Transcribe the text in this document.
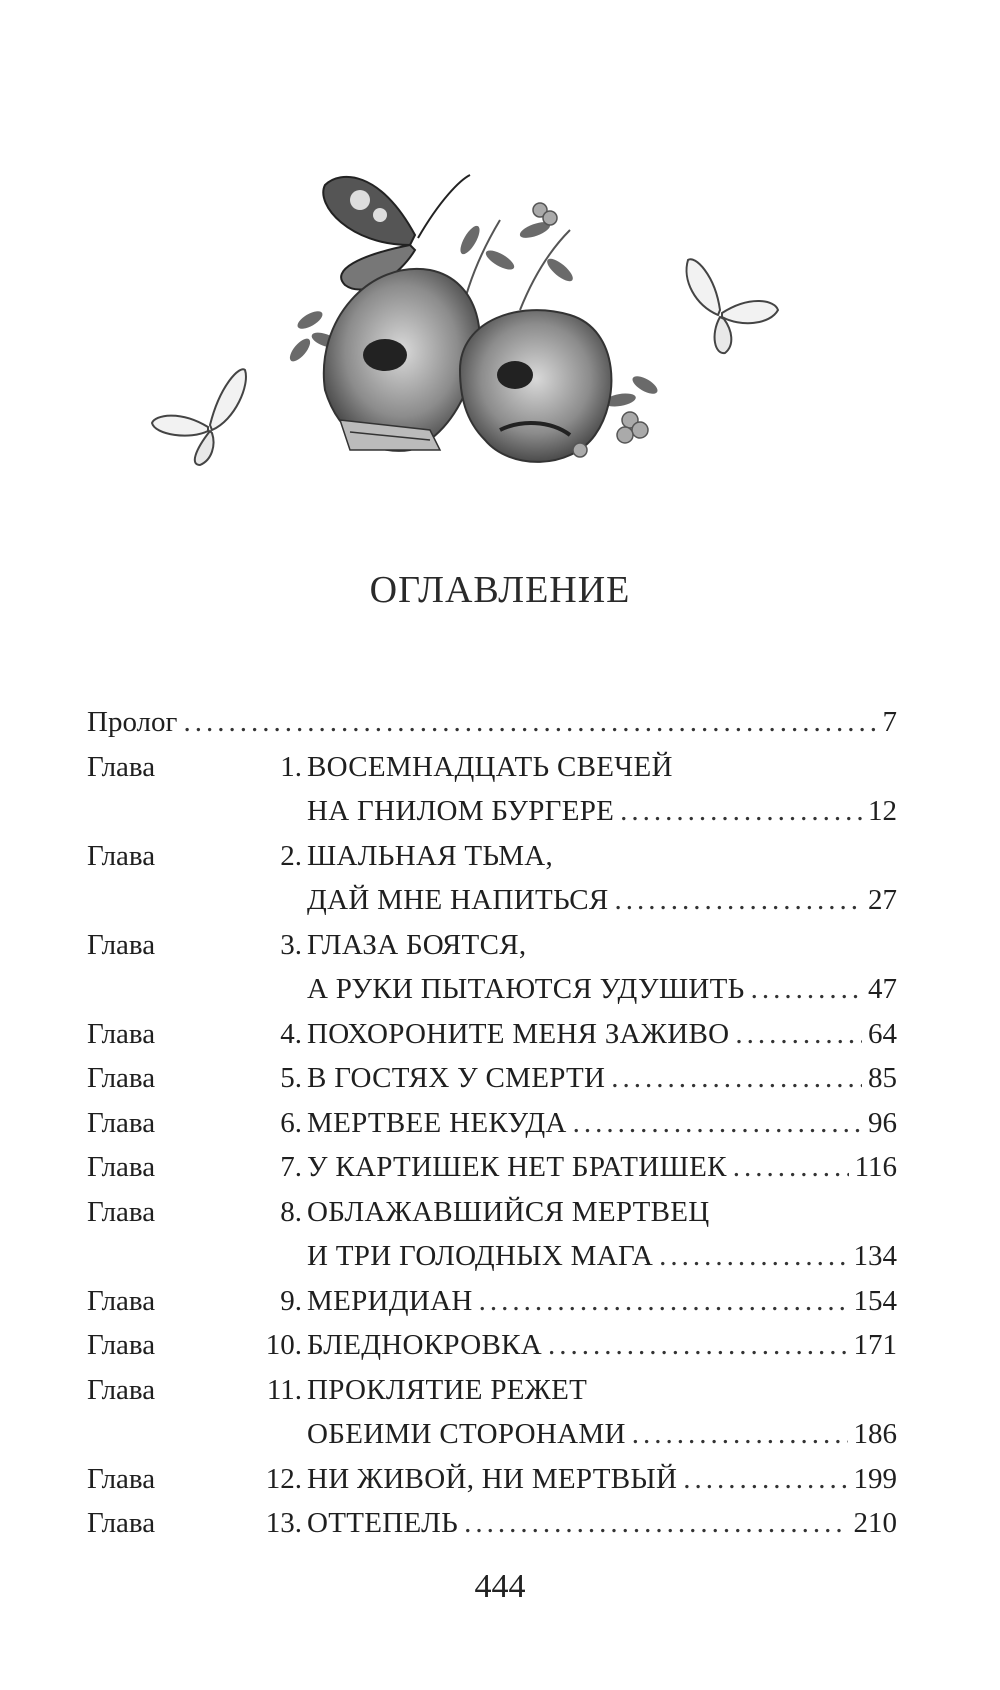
ОГЛАВЛЕНИЕ
Пролог .....	7
Глава	1. ВОСЕМНАДЦАТЬ СВЕЧЕЙ
НА ГНИЛОМ БУРГЕРЕ .....	12
Глава	2. ШАЛЬНАЯ ТЬМА,
ДАЙ МНЕ НАПИТЬСЯ .....	27
Глава	3. ГЛАЗА БОЯТСЯ,
А РУКИ ПЫТАЮТСЯ УДУШИТЬ .....	47
Глава	4. ПОХОРОНИТЕ МЕНЯ ЗАЖИВО .....	64
Глава	5. В ГОСТЯХ У СМЕРТИ .....	85
Глава	6. МЕРТВЕЕ НЕКУДА .....	96
Глава	7. У КАРТИШЕК НЕТ БРАТИШЕК .....	116
Глава	8. ОБЛАЖАВШИЙСЯ МЕРТВЕЦ
И ТРИ ГОЛОДНЫХ МАГА .....	134
Глава	9. МЕРИДИАН .....	154
Глава	10. БЛЕДНОКРОВКА .....	171
Глава	11. ПРОКЛЯТИЕ РЕЖЕТ
ОБЕИМИ СТОРОНАМИ .....	186
Глава	12. НИ ЖИВОЙ, НИ МЕРТВЫЙ .....	199
Глава	13. ОТТЕПЕЛЬ .....	210
444
